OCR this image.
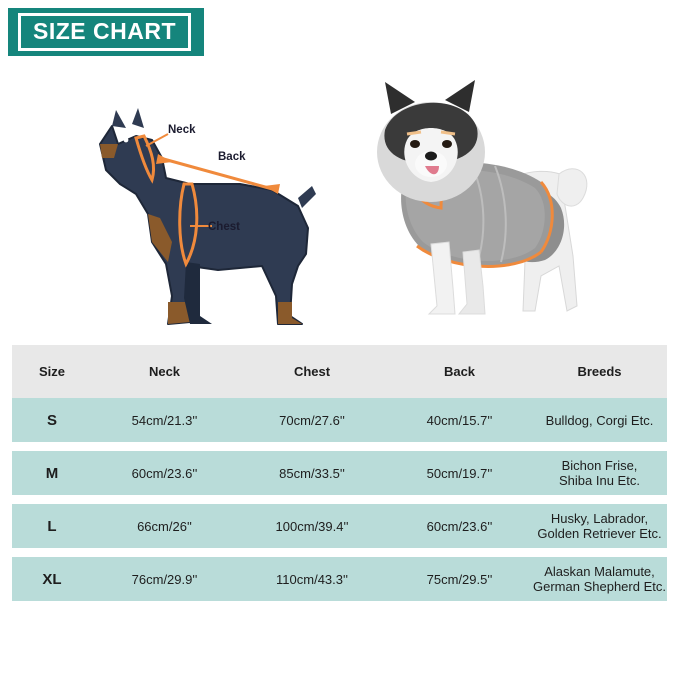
SIZE CHART
Neck
Back
Chest
Size	Neck	Chest	Back	Breeds
S	54cm/21.3''	70cm/27.6''	40cm/15.7''	Bulldog, Corgi Etc.

M	60cm/23.6''	85cm/33.5''	50cm/19.7''	Bichon Frise,
Shiba Inu Etc.

L	66cm/26''	100cm/39.4''	60cm/23.6''	Husky, Labrador,
Golden Retriever Etc.

XL	76cm/29.9''	110cm/43.3''	75cm/29.5''	Alaskan Malamute,
German Shepherd Etc.
